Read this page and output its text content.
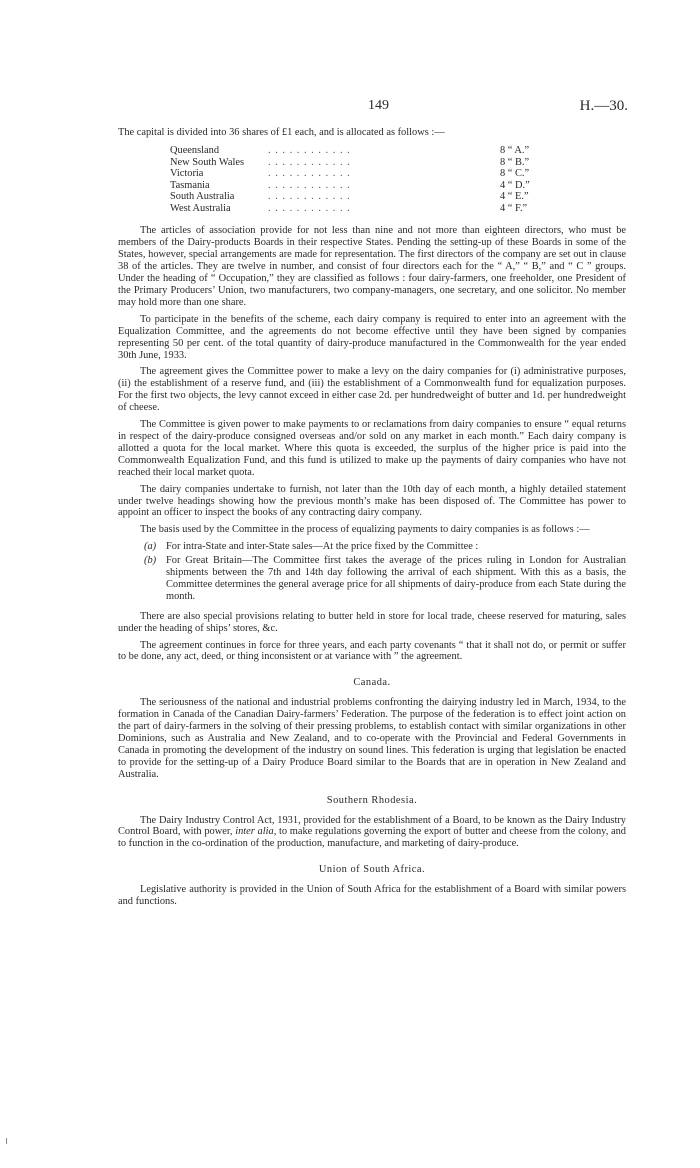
149	H.—30.

The capital is divided into 36 shares of £1 each, and is allocated as follows :—

Queensland	. . . . . . . . . . . .	8 “ A.”
New South Wales	. . . . . . . . . . . .	8 “ B.”
Victoria	. . . . . . . . . . . .	8 “ C.”
Tasmania	. . . . . . . . . . . .	4 “ D.”
South Australia	. . . . . . . . . . . .	4 “ E.”
West Australia	. . . . . . . . . . . .	4 “ F.”

The articles of association provide for not less than nine and not more than eighteen directors, who must be members of the Dairy-products Boards in their respective States. Pending the setting-up of these Boards in some of the States, however, special arrangements are made for representation. The first directors of the company are set out in clause 38 of the articles. They are twelve in number, and consist of four directors each for the “ A,” “ B,” and “ C ” groups. Under the heading of “ Occupation,” they are classified as follows : four dairy-farmers, one freeholder, one President of the Primary Producers’ Union, two manufacturers, two company-managers, one secretary, and one solicitor. No member may hold more than one share.

To participate in the benefits of the scheme, each dairy company is required to enter into an agreement with the Equalization Committee, and the agreements do not become effective until they have been signed by companies representing 50 per cent. of the total quantity of dairy-produce manufactured in the Commonwealth for the year ended 30th June, 1933.

The agreement gives the Committee power to make a levy on the dairy companies for (i) administrative purposes, (ii) the establishment of a reserve fund, and (iii) the establishment of a Commonwealth fund for equalization purposes. For the first two objects, the levy cannot exceed in either case 2d. per hundredweight of butter and 1d. per hundredweight of cheese.

The Committee is given power to make payments to or reclamations from dairy companies to ensure “ equal returns in respect of the dairy-produce consigned overseas and/or sold on any market in each month.” Each dairy company is allotted a quota for the local market. Where this quota is exceeded, the surplus of the higher price is paid into the Commonwealth Equalization Fund, and this fund is utilized to make up the payments of dairy companies who have not reached their local market quota.

The dairy companies undertake to furnish, not later than the 10th day of each month, a highly detailed statement under twelve headings showing how the previous month’s make has been disposed of. The Committee has power to appoint an officer to inspect the books of any contracting dairy company.

The basis used by the Committee in the process of equalizing payments to dairy companies is as follows :—

(a) For intra-State and inter-State sales—At the price fixed by the Committee :
(b) For Great Britain—The Committee first takes the average of the prices ruling in London for Australian shipments between the 7th and 14th day following the arrival of each shipment. With this as a basis, the Committee determines the general average price for all shipments of dairy-produce from each State during the month.

There are also special provisions relating to butter held in store for local trade, cheese reserved for maturing, sales under the heading of ships’ stores, &c.

The agreement continues in force for three years, and each party covenants “ that it shall not do, or permit or suffer to be done, any act, deed, or thing inconsistent or at variance with ” the agreement.

Canada.

The seriousness of the national and industrial problems confronting the dairying industry led in March, 1934, to the formation in Canada of the Canadian Dairy-farmers’ Federation. The purpose of the federation is to effect joint action on the part of dairy-farmers in the solving of their pressing problems, to establish contact with similar organizations in other Dominions, such as Australia and New Zealand, and to co-operate with the Provincial and Federal Governments in Canada in promoting the development of the industry on sound lines. This federation is urging that legislation be enacted to provide for the setting-up of a Dairy Produce Board similar to the Boards that are in operation in New Zealand and Australia.

Southern Rhodesia.

The Dairy Industry Control Act, 1931, provided for the establishment of a Board, to be known as the Dairy Industry Control Board, with power, inter alia, to make regulations governing the export of butter and cheese from the colony, and to function in the co-ordination of the production, manufacture, and marketing of dairy-produce.

Union of South Africa.

Legislative authority is provided in the Union of South Africa for the establishment of a Board with similar powers and functions.
